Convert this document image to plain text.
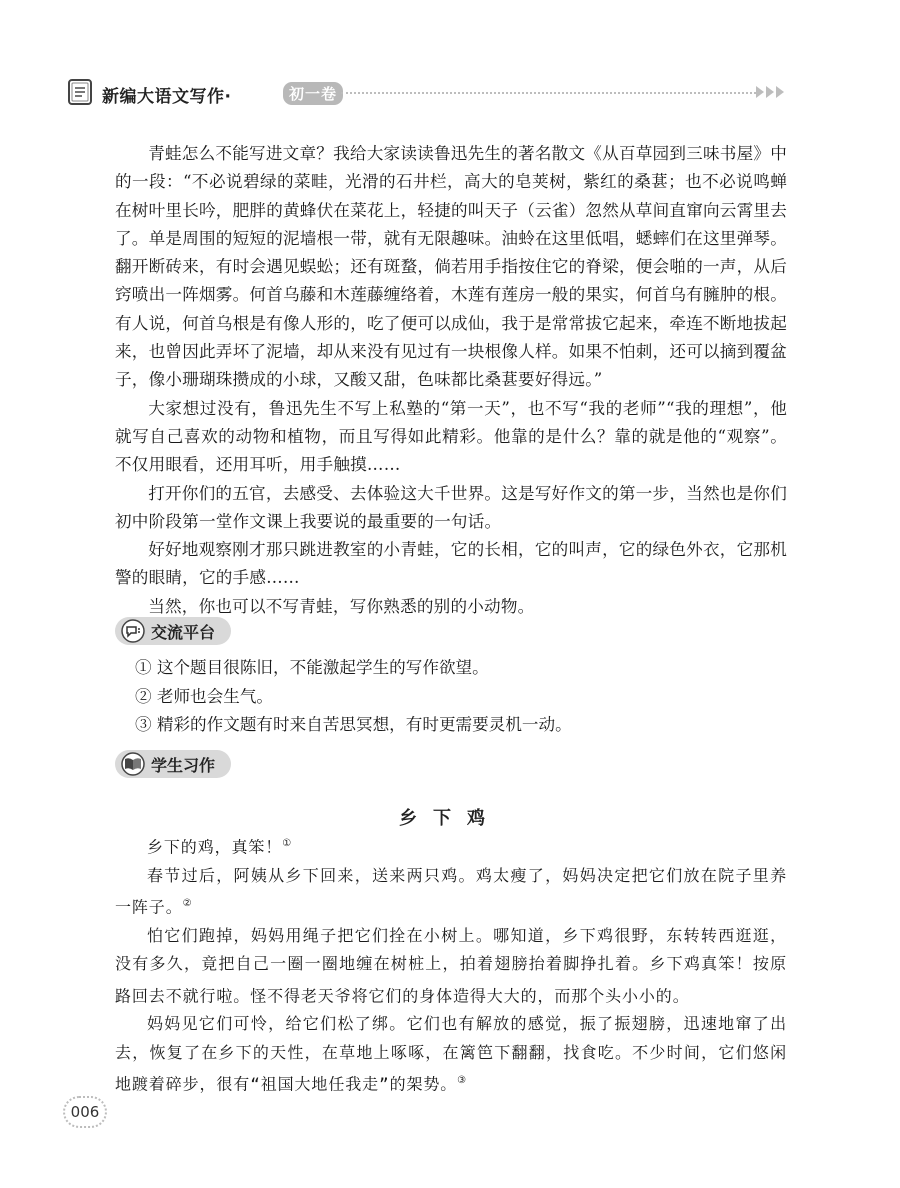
新编大语文写作·	初一卷

青蛙怎么不能写进文章？我给大家读读鲁迅先生的著名散文《从百草园到三味书屋》中的一段：“不必说碧绿的菜畦，光滑的石井栏，高大的皂荚树，紫红的桑葚；也不必说鸣蝉在树叶里长吟，肥胖的黄蜂伏在菜花上，轻捷的叫天子（云雀）忽然从草间直窜向云霄里去了。单是周围的短短的泥墙根一带，就有无限趣味。油蛉在这里低唱，蟋蟀们在这里弹琴。翻开断砖来，有时会遇见蜈蚣；还有斑蝥，倘若用手指按住它的脊梁，便会啪的一声，从后窍喷出一阵烟雾。何首乌藤和木莲藤缠络着，木莲有莲房一般的果实，何首乌有臃肿的根。有人说，何首乌根是有像人形的，吃了便可以成仙，我于是常常拔它起来，牵连不断地拔起来，也曾因此弄坏了泥墙，却从来没有见过有一块根像人样。如果不怕刺，还可以摘到覆盆子，像小珊瑚珠攒成的小球，又酸又甜，色味都比桑葚要好得远。”

大家想过没有，鲁迅先生不写上私塾的“第一天”，也不写“我的老师”“我的理想”，他就写自己喜欢的动物和植物，而且写得如此精彩。他靠的是什么？靠的就是他的“观察”。不仅用眼看，还用耳听，用手触摸……

打开你们的五官，去感受、去体验这大千世界。这是写好作文的第一步，当然也是你们初中阶段第一堂作文课上我要说的最重要的一句话。

好好地观察刚才那只跳进教室的小青蛙，它的长相，它的叫声，它的绿色外衣，它那机警的眼睛，它的手感……

当然，你也可以不写青蛙，写你熟悉的别的小动物。

交流平台

① 这个题目很陈旧，不能激起学生的写作欲望。

② 老师也会生气。

③ 精彩的作文题有时来自苦思冥想，有时更需要灵机一动。

学生习作
乡下鸡

乡下的鸡，真笨！①

春节过后，阿姨从乡下回来，送来两只鸡。鸡太瘦了，妈妈决定把它们放在院子里养一阵子。②

怕它们跑掉，妈妈用绳子把它们拴在小树上。哪知道，乡下鸡很野，东转转西逛逛，没有多久，竟把自己一圈一圈地缠在树桩上，拍着翅膀抬着脚挣扎着。乡下鸡真笨！按原路回去不就行啦。怪不得老天爷将它们的身体造得大大的，而那个头小小的。

妈妈见它们可怜，给它们松了绑。它们也有解放的感觉，振了振翅膀，迅速地窜了出去，恢复了在乡下的天性，在草地上啄啄，在篱笆下翻翻，找食吃。不少时间，它们悠闲地踱着碎步，很有“祖国大地任我走”的架势。③

006
